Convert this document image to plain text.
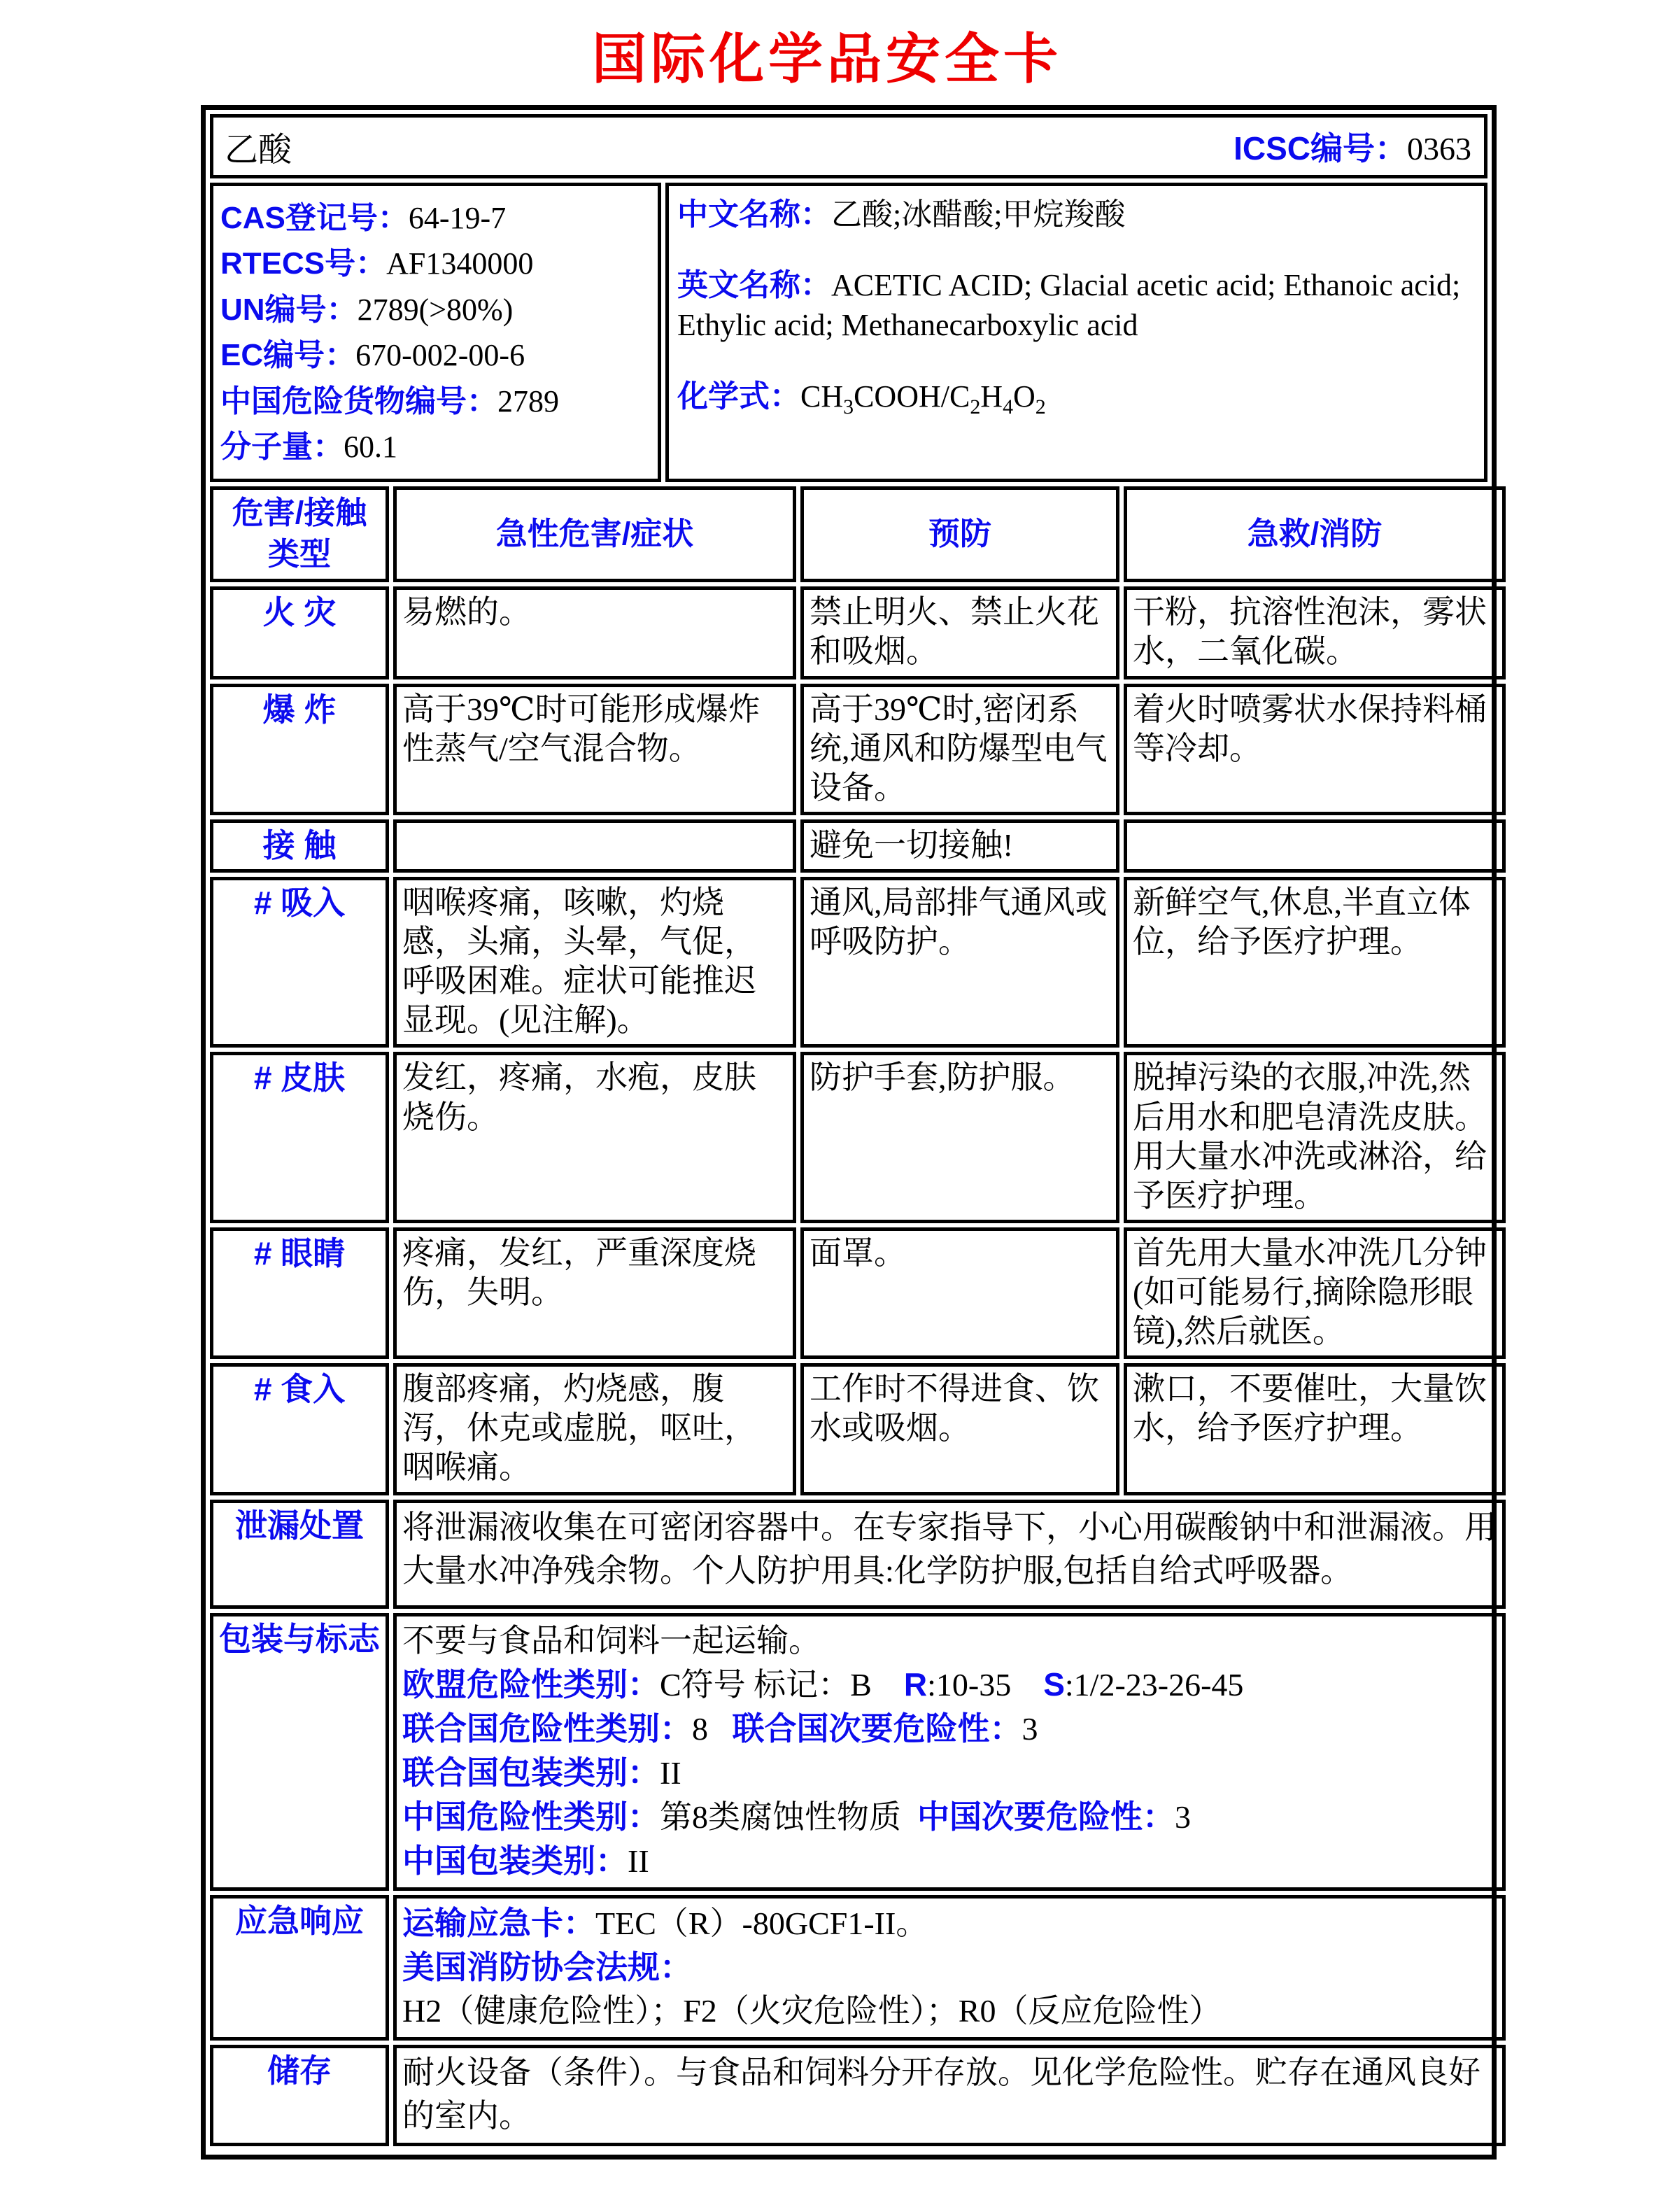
国际化学品安全卡
乙酸	ICSC编号：0363
CAS登记号：64-19-7
RTECS号：AF1340000
UN编号：2789(>80%)
EC编号：670-002-00-6
中国危险货物编号：2789
分子量：60.1

中文名称：乙酸;冰醋酸;甲烷羧酸

英文名称：ACETIC ACID; Glacial acetic acid; Ethanoic acid; Ethylic acid; Methanecarboxylic acid

化学式：$CH_3COOH/C_2H_4O_2$

危害/接触类型	急性危害/症状	预防	急救/消防
火 灾	易燃的。	禁止明火、禁止火花和吸烟。	干粉，抗溶性泡沫，雾状水，二氧化碳。
爆 炸	高于39℃时可能形成爆炸性蒸气/空气混合物。	高于39℃时,密闭系统,通风和防爆型电气设备。	着火时喷雾状水保持料桶等冷却。
接 触		避免一切接触!	
# 吸入	咽喉疼痛，咳嗽，灼烧感，头痛，头晕，气促，呼吸困难。症状可能推迟显现。(见注解)。	通风,局部排气通风或呼吸防护。	新鲜空气,休息,半直立体位，给予医疗护理。
# 皮肤	发红，疼痛，水疱，皮肤烧伤。	防护手套,防护服。	脱掉污染的衣服,冲洗,然后用水和肥皂清洗皮肤。用大量水冲洗或淋浴，给予医疗护理。
# 眼睛	疼痛，发红，严重深度烧伤，失明。	面罩。	首先用大量水冲洗几分钟(如可能易行,摘除隐形眼镜),然后就医。
# 食入	腹部疼痛，灼烧感，腹泻，休克或虚脱，呕吐，咽喉痛。	工作时不得进食、饮水或吸烟。	漱口，不要催吐，大量饮水，给予医疗护理。
泄漏处置	将泄漏液收集在可密闭容器中。在专家指导下，小心用碳酸钠中和泄漏液。用大量水冲净残余物。个人防护用具:化学防护服,包括自给式呼吸器。		

包装与标志	不要与食品和饲料一起运输。
欧盟危险性类别：C符号 标记：B    R:10-35    S:1/2-23-26-45
联合国危险性类别：8   联合国次要危险性：3
联合国包装类别：II
中国危险性类别：第8类腐蚀性物质  中国次要危险性：3
中国包装类别：II

应急响应	运输应急卡：TEC（R）-80GCF1-II。
美国消防协会法规：H2（健康危险性）；F2（火灾危险性）；R0（反应危险性）		

储存	耐火设备（条件）。与食品和饲料分开存放。见化学危险性。贮存在通风良好的室内。		
